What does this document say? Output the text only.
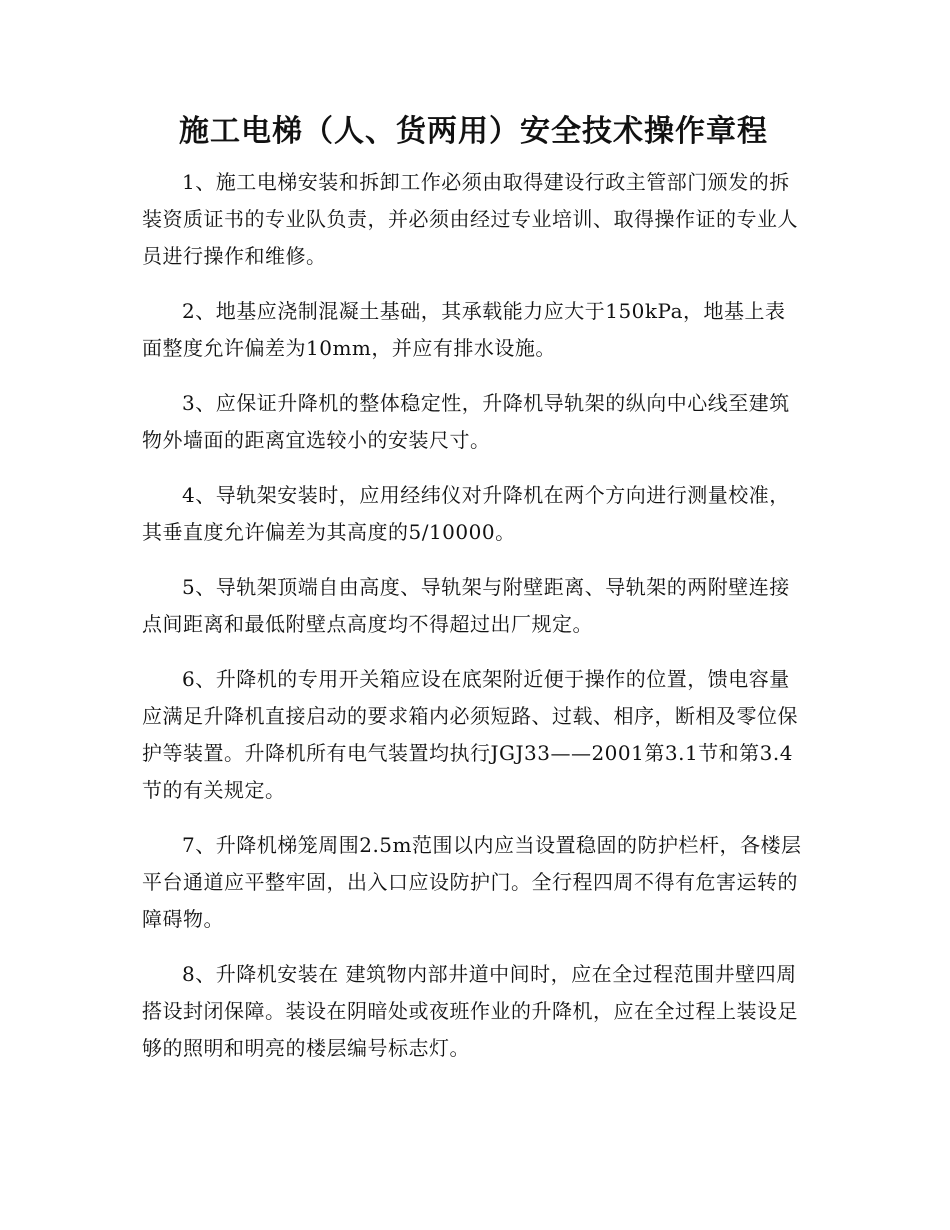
施工电梯（人、货两用）安全技术操作章程

1、施工电梯安装和拆卸工作必须由取得建设行政主管部门颁发的拆装资质证书的专业队负责，并必须由经过专业培训、取得操作证的专业人员进行操作和维修。

2、地基应浇制混凝土基础，其承载能力应大于150kPa，地基上表面整度允许偏差为10mm，并应有排水设施。

3、应保证升降机的整体稳定性，升降机导轨架的纵向中心线至建筑物外墙面的距离宜选较小的安装尺寸。

4、导轨架安装时，应用经纬仪对升降机在两个方向进行测量校准，其垂直度允许偏差为其高度的5/10000。

5、导轨架顶端自由高度、导轨架与附壁距离、导轨架的两附壁连接点间距离和最低附壁点高度均不得超过出厂规定。

6、升降机的专用开关箱应设在底架附近便于操作的位置，馈电容量应满足升降机直接启动的要求箱内必须短路、过载、相序，断相及零位保护等装置。升降机所有电气装置均执行JGJ33——2001第3.1节和第3.4节的有关规定。

7、升降机梯笼周围2.5m范围以内应当设置稳固的防护栏杆，各楼层平台通道应平整牢固，出入口应设防护门。全行程四周不得有危害运转的障碍物。

8、升降机安装在 建筑物内部井道中间时，应在全过程范围井壁四周搭设封闭保障。装设在阴暗处或夜班作业的升降机，应在全过程上装设足够的照明和明亮的楼层编号标志灯。
